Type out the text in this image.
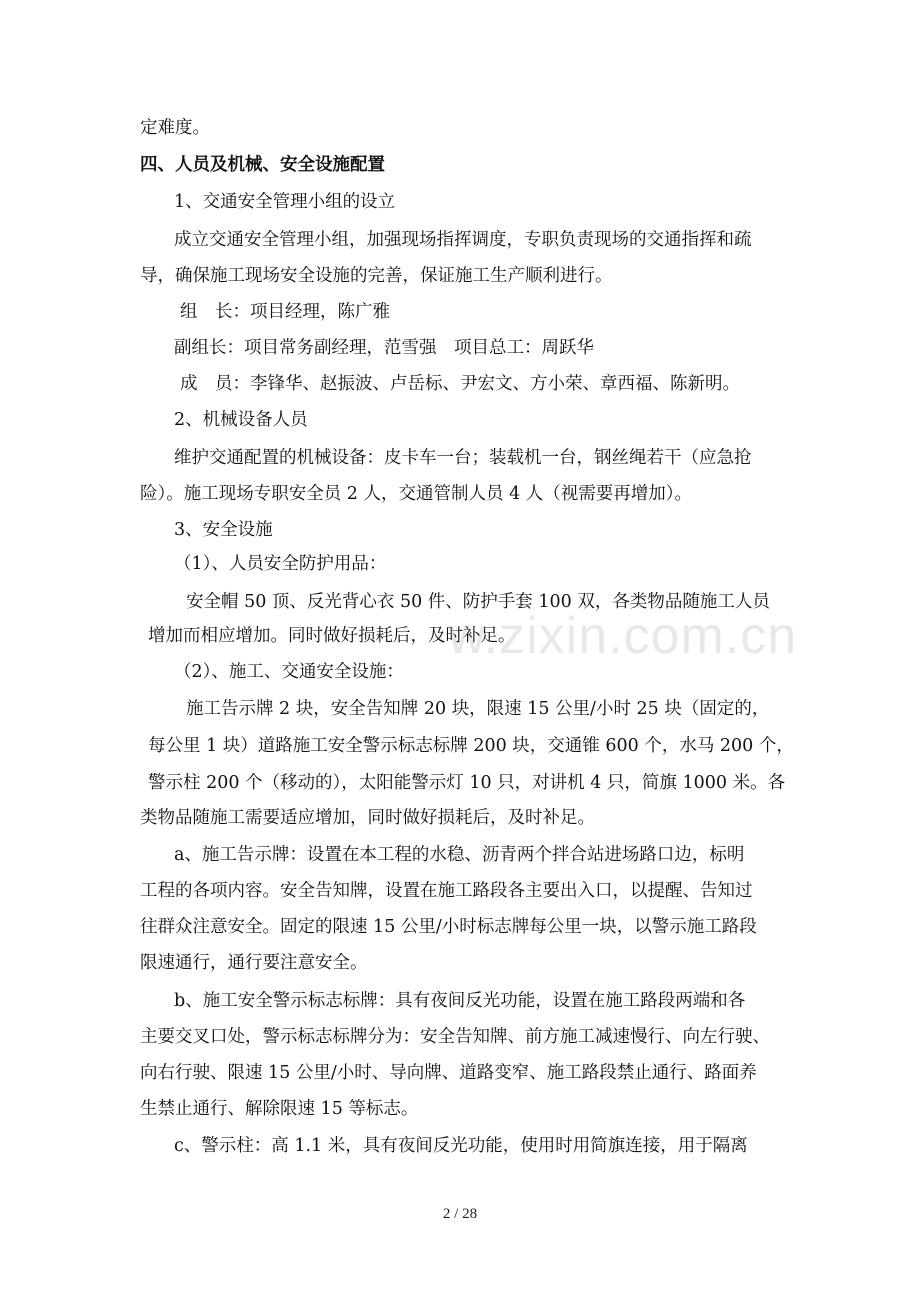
定难度。
四、人员及机械、安全设施配置
1、交通安全管理小组的设立
成立交通安全管理小组，加强现场指挥调度，专职负责现场的交通指挥和疏
导，确保施工现场安全设施的完善，保证施工生产顺利进行。
组　长：项目经理，陈广雅
副组长：项目常务副经理，范雪强　项目总工：周跃华
成　员：李锋华、赵振波、卢岳标、尹宏文、方小荣、章西福、陈新明。
2、机械设备人员
维护交通配置的机械设备：皮卡车一台；装载机一台，钢丝绳若干（应急抢
险）。施工现场专职安全员 2 人，交通管制人员 4 人（视需要再增加）。
3、安全设施
（1）、人员安全防护用品：
安全帽 50 顶、反光背心衣 50 件、防护手套 100 双，各类物品随施工人员
增加而相应增加。同时做好损耗后，及时补足。
（2）、施工、交通安全设施：
施工告示牌 2 块，安全告知牌 20 块，限速 15 公里/小时 25 块（固定的，
每公里 1 块）道路施工安全警示标志标牌 200 块，交通锥 600 个，水马 200 个，
警示柱 200 个（移动的），太阳能警示灯 10 只，对讲机 4 只，简旗 1000 米。各
类物品随施工需要适应增加，同时做好损耗后，及时补足。
a、施工告示牌：设置在本工程的水稳、沥青两个拌合站进场路口边，标明
工程的各项内容。安全告知牌，设置在施工路段各主要出入口，以提醒、告知过
往群众注意安全。固定的限速 15 公里/小时标志牌每公里一块，以警示施工路段
限速通行，通行要注意安全。
b、施工安全警示标志标牌：具有夜间反光功能，设置在施工路段两端和各
主要交叉口处，警示标志标牌分为：安全告知牌、前方施工减速慢行、向左行驶、
向右行驶、限速 15 公里/小时、导向牌、道路变窄、施工路段禁止通行、路面养
生禁止通行、解除限速 15 等标志。
c、警示柱：高 1.1 米，具有夜间反光功能，使用时用简旗连接，用于隔离
w.zixin.com.cn
2 / 28
